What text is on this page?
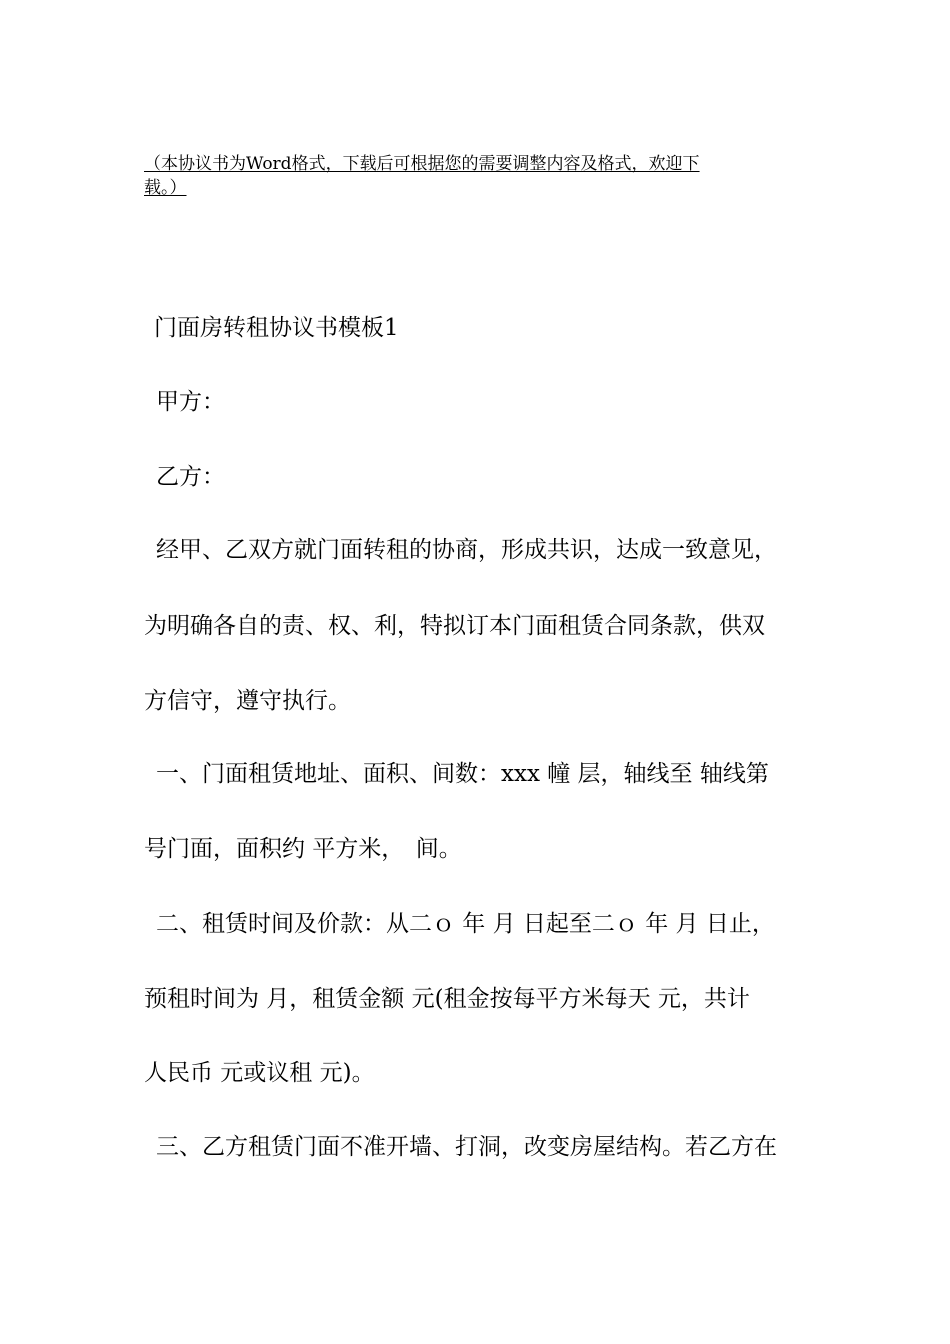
（本协议书为Word格式，下载后可根据您的需要调整内容及格式，欢迎下
载。）
门面房转租协议书模板1
甲方：
乙方：
经甲、乙双方就门面转租的协商，形成共识，达成一致意见，
为明确各自的责、权、利，特拟订本门面租赁合同条款，供双
方信守，遵守执行。
一、门面租赁地址、面积、间数：xxx 幢 层，轴线至 轴线第
号门面，面积约 平方米，　间。
二、租赁时间及价款：从二ｏ 年 月 日起至二ｏ 年 月 日止，
预租时间为 月，租赁金额 元(租金按每平方米每天 元，共计
人民币 元或议租 元)。
三、乙方租赁门面不准开墙、打洞，改变房屋结构。若乙方在
